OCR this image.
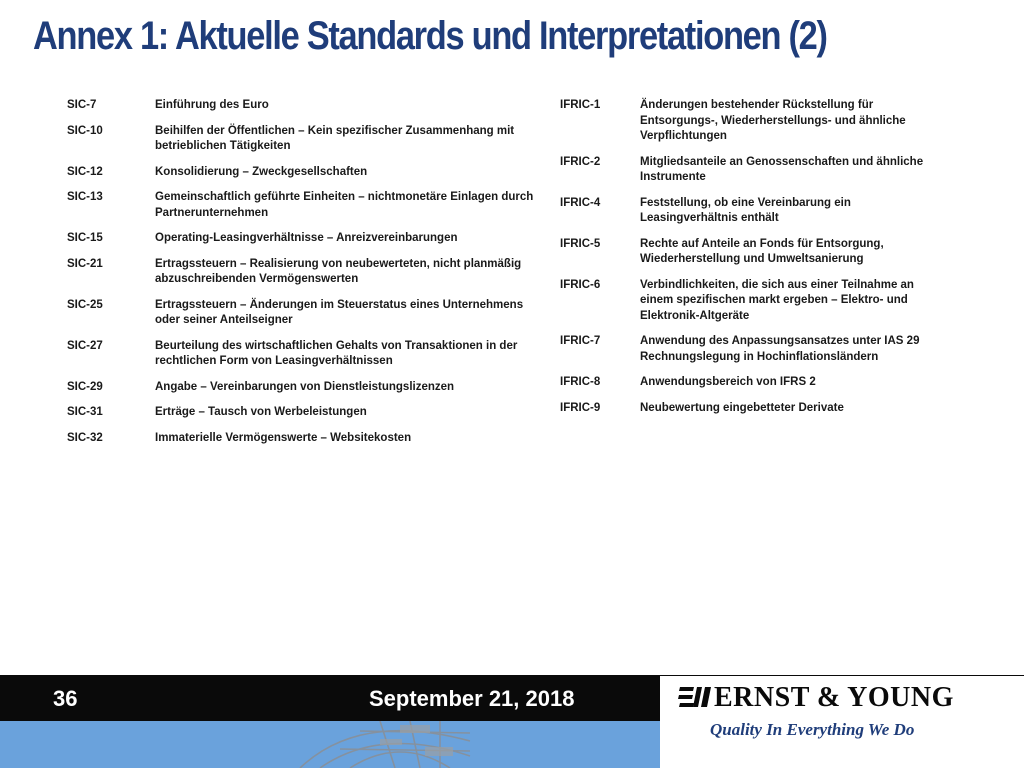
Annex 1: Aktuelle Standards und Interpretationen (2)
SIC-7	Einführung des Euro
SIC-10	Beihilfen der Öffentlichen – Kein spezifischer Zusammenhang mit betrieblichen Tätigkeiten
SIC-12	Konsolidierung – Zweckgesellschaften
SIC-13	Gemeinschaftlich geführte Einheiten – nichtmonetäre Einlagen durch Partnerunternehmen
SIC-15	Operating-Leasingverhältnisse – Anreizvereinbarungen
SIC-21	Ertragssteuern – Realisierung von neubewerteten, nicht planmäßig abzuschreibenden Vermögenswerten
SIC-25	Ertragssteuern – Änderungen im Steuerstatus eines Unternehmens oder seiner Anteilseigner
SIC-27	Beurteilung des wirtschaftlichen Gehalts von Transaktionen in der rechtlichen Form von Leasingverhältnissen
SIC-29	Angabe – Vereinbarungen von Dienstleistungslizenzen
SIC-31	Erträge – Tausch von Werbeleistungen
SIC-32	Immaterielle Vermögenswerte – Websitekosten
IFRIC-1	Änderungen bestehender Rückstellung für Entsorgungs-, Wiederherstellungs- und ähnliche Verpflichtungen
IFRIC-2	Mitgliedsanteile an Genossenschaften und ähnliche Instrumente
IFRIC-4	Feststellung, ob eine Vereinbarung ein Leasingverhältnis enthält
IFRIC-5	Rechte auf Anteile an Fonds für Entsorgung, Wiederherstellung und Umweltsanierung
IFRIC-6	Verbindlichkeiten, die sich aus einer Teilnahme an einem spezifischen markt ergeben – Elektro- und Elektronik-Altgeräte
IFRIC-7	Anwendung des Anpassungsansatzes unter IAS 29 Rechnungslegung in Hochinflationsländern
IFRIC-8	Anwendungsbereich von IFRS 2
IFRIC-9	Neubewertung eingebetteter Derivate
36	September 21, 2018	ERNST & YOUNG
Quality In Everything We Do
